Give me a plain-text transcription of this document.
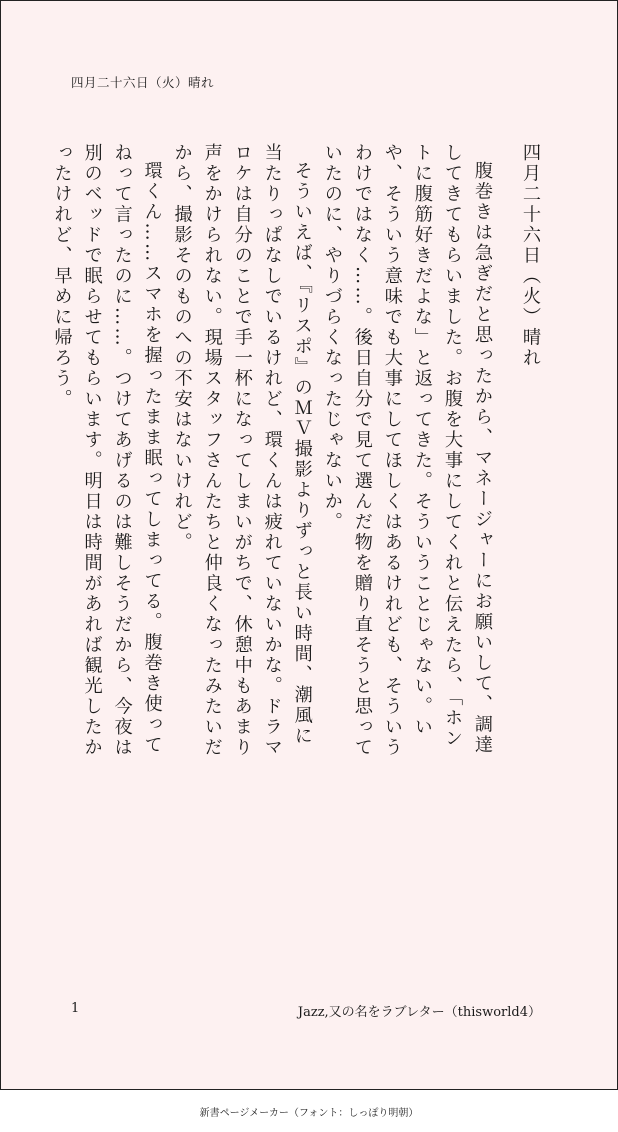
四月二十六日（火）晴れ
四月二十六日（火）晴れ

腹巻きは急ぎだと思ったから、マネージャーにお願いして、調達してきてもらいました。お腹を大事にしてくれと伝えたら、「ホントに腹筋好きだよな」と返ってきた。そういうことじゃない。いや、そういう意味でも大事にしてほしくはあるけれども、そういうわけではなく……。後日自分で見て選んだ物を贈り直そうと思っていたのに、やりづらくなったじゃないか。

そういえば、『リスポ』のＭＶ撮影よりずっと長い時間、潮風に当たりっぱなしでいるけれど、環くんは疲れていないかな。ドラマロケは自分のことで手一杯になってしまいがちで、休憩中もあまり声をかけられない。現場スタッフさんたちと仲良くなったみたいだから、撮影そのものへの不安はないけれど。

環くん……スマホを握ったまま眠ってしまってる。腹巻き使ってねって言ったのに……。つけてあげるのは難しそうだから、今夜は別のベッドで眠らせてもらいます。明日は時間があれば観光したかったけれど、早めに帰ろう。

1	Jazz,又の名をラブレター（thisworld4）
新書ページメーカー（フォント：しっぽり明朝）
